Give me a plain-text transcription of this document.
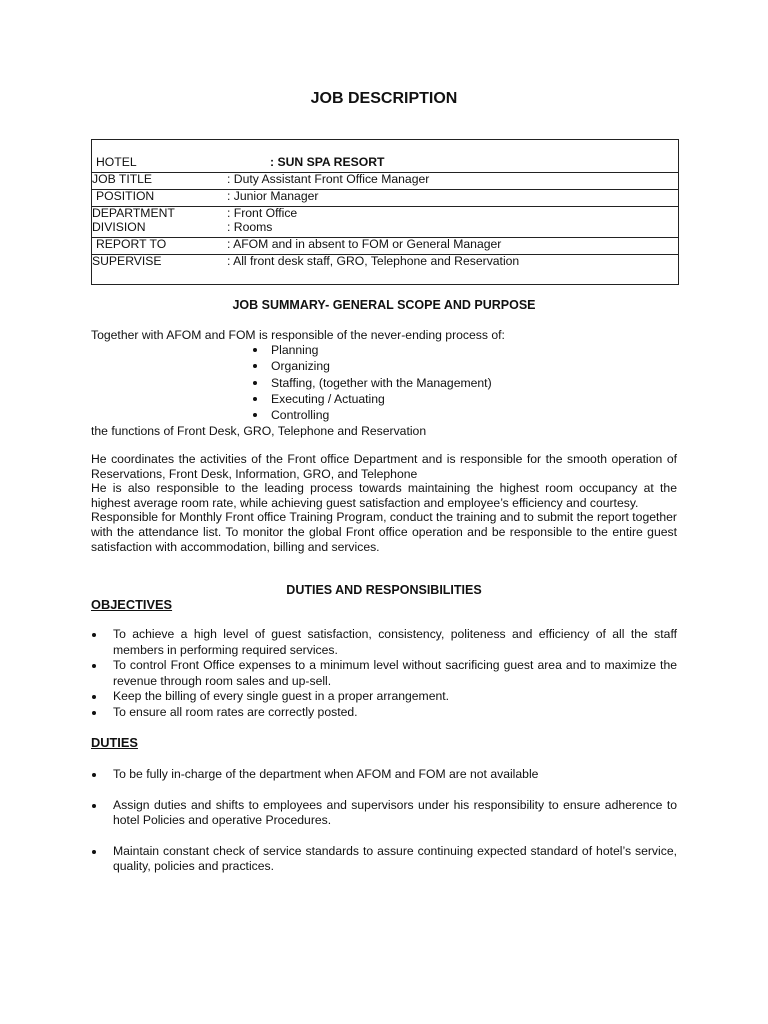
JOB DESCRIPTION
HOTEL	: SUN SPA RESORT
JOB TITLE	: Duty Assistant Front Office Manager
POSITION	: Junior Manager
DEPARTMENT	: Front Office
DIVISION	: Rooms
REPORT TO	: AFOM and in absent to FOM or General Manager
SUPERVISE	: All front desk staff, GRO, Telephone and Reservation
JOB SUMMARY- GENERAL SCOPE AND PURPOSE
Together with AFOM and FOM is responsible of the never-ending process of:
Planning
Organizing
Staffing, (together with the Management)
Executing / Actuating
Controlling
the functions of Front Desk, GRO, Telephone and Reservation

He coordinates the activities of the Front office Department and is responsible for the smooth operation of Reservations, Front Desk, Information, GRO, and Telephone

He is also responsible to the leading process towards maintaining the highest room occupancy at the highest average room rate, while achieving guest satisfaction and employee’s efficiency and courtesy.

Responsible for Monthly Front office Training Program, conduct the training and to submit the report together with the attendance list. To monitor the global Front office operation and be responsible to the entire guest satisfaction with accommodation, billing and services.

DUTIES AND RESPONSIBILITIES
OBJECTIVES
To achieve a high level of guest satisfaction, consistency, politeness and efficiency of all the staff members in performing required services.
To control Front Office expenses to a minimum level without sacrificing guest area and to maximize the revenue through room sales and up-sell.
Keep the billing of every single guest in a proper arrangement.
To ensure all room rates are correctly posted.
DUTIES
To be fully in-charge of the department when AFOM and FOM are not available
Assign duties and shifts to employees and supervisors under his responsibility to ensure adherence to hotel Policies and operative Procedures.
Maintain constant check of service standards to assure continuing expected standard of hotel’s service, quality, policies and practices.
